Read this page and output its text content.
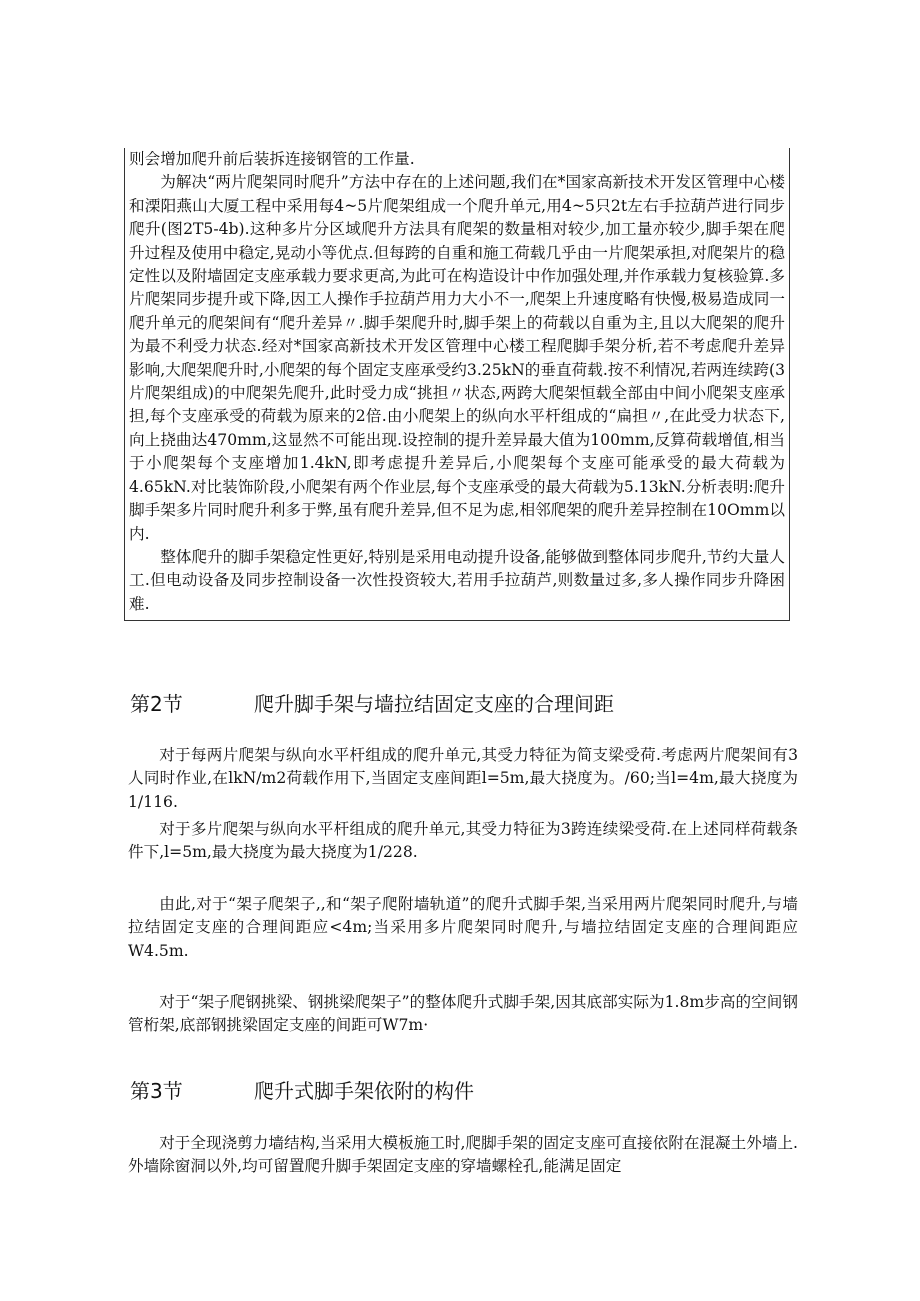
则会增加爬升前后装拆连接钢管的工作量.

为解决“两片爬架同时爬升”方法中存在的上述问题,我们在*国家高新技术开发区管理中心楼和溧阳燕山大厦工程中采用每4~5片爬架组成一个爬升单元,用4~5只2t左右手拉葫芦进行同步爬升(图2T5-4b).这种多片分区域爬升方法具有爬架的数量相对较少,加工量亦较少,脚手架在爬升过程及使用中稳定,晃动小等优点.但每跨的自重和施工荷载几乎由一片爬架承担,对爬架片的稳定性以及附墙固定支座承载力要求更高,为此可在构造设计中作加强处理,并作承载力复核验算.多片爬架同步提升或下降,因工人操作手拉葫芦用力大小不一,爬架上升速度略有快慢,极易造成同一爬升单元的爬架间有“爬升差异〃.脚手架爬升时,脚手架上的荷载以自重为主,且以大爬架的爬升为最不利受力状态.经对*国家高新技术开发区管理中心楼工程爬脚手架分析,若不考虑爬升差异影响,大爬架爬升时,小爬架的每个固定支座承受约3.25kN的垂直荷载.按不利情况,若两连续跨(3片爬架组成)的中爬架先爬升,此时受力成“挑担〃状态,两跨大爬架恒载全部由中间小爬架支座承担,每个支座承受的荷载为原来的2倍.由小爬架上的纵向水平杆组成的“扁担〃,在此受力状态下,向上挠曲达470mm,这显然不可能出现.设控制的提升差异最大值为100mm,反算荷载增值,相当于小爬架每个支座增加1.4kN,即考虑提升差异后,小爬架每个支座可能承受的最大荷载为4.65kN.对比装饰阶段,小爬架有两个作业层,每个支座承受的最大荷载为5.13kN.分析表明:爬升脚手架多片同时爬升利多于弊,虽有爬升差异,但不足为虑,相邻爬架的爬升差异控制在10Omm以内.

整体爬升的脚手架稳定性更好,特别是采用电动提升设备,能够做到整体同步爬升,节约大量人工.但电动设备及同步控制设备一次性投资较大,若用手拉葫芦,则数量过多,多人操作同步升降困难.

第2节	爬升脚手架与墙拉结固定支座的合理间距

对于每两片爬架与纵向水平杆组成的爬升单元,其受力特征为简支梁受荷.考虑两片爬架间有3人同时作业,在lkN∕m2荷载作用下,当固定支座间距l=5m,最大挠度为。/60;当l=4m,最大挠度为1/116.

对于多片爬架与纵向水平杆组成的爬升单元,其受力特征为3跨连续梁受荷.在上述同样荷载条件下,l=5m,最大挠度为最大挠度为1/228.

由此,对于“架子爬架子,,和“架子爬附墙轨道”的爬升式脚手架,当采用两片爬架同时爬升,与墙拉结固定支座的合理间距应<4m;当采用多片爬架同时爬升,与墙拉结固定支座的合理间距应W4.5m.

对于“架子爬钢挑梁、钢挑梁爬架子”的整体爬升式脚手架,因其底部实际为1.8m步高的空间钢管桁架,底部钢挑梁固定支座的间距可W7m·

第3节	爬升式脚手架依附的构件

对于全现浇剪力墙结构,当采用大模板施工时,爬脚手架的固定支座可直接依附在混凝土外墙上.外墙除窗洞以外,均可留置爬升脚手架固定支座的穿墙螺栓孔,能满足固定
